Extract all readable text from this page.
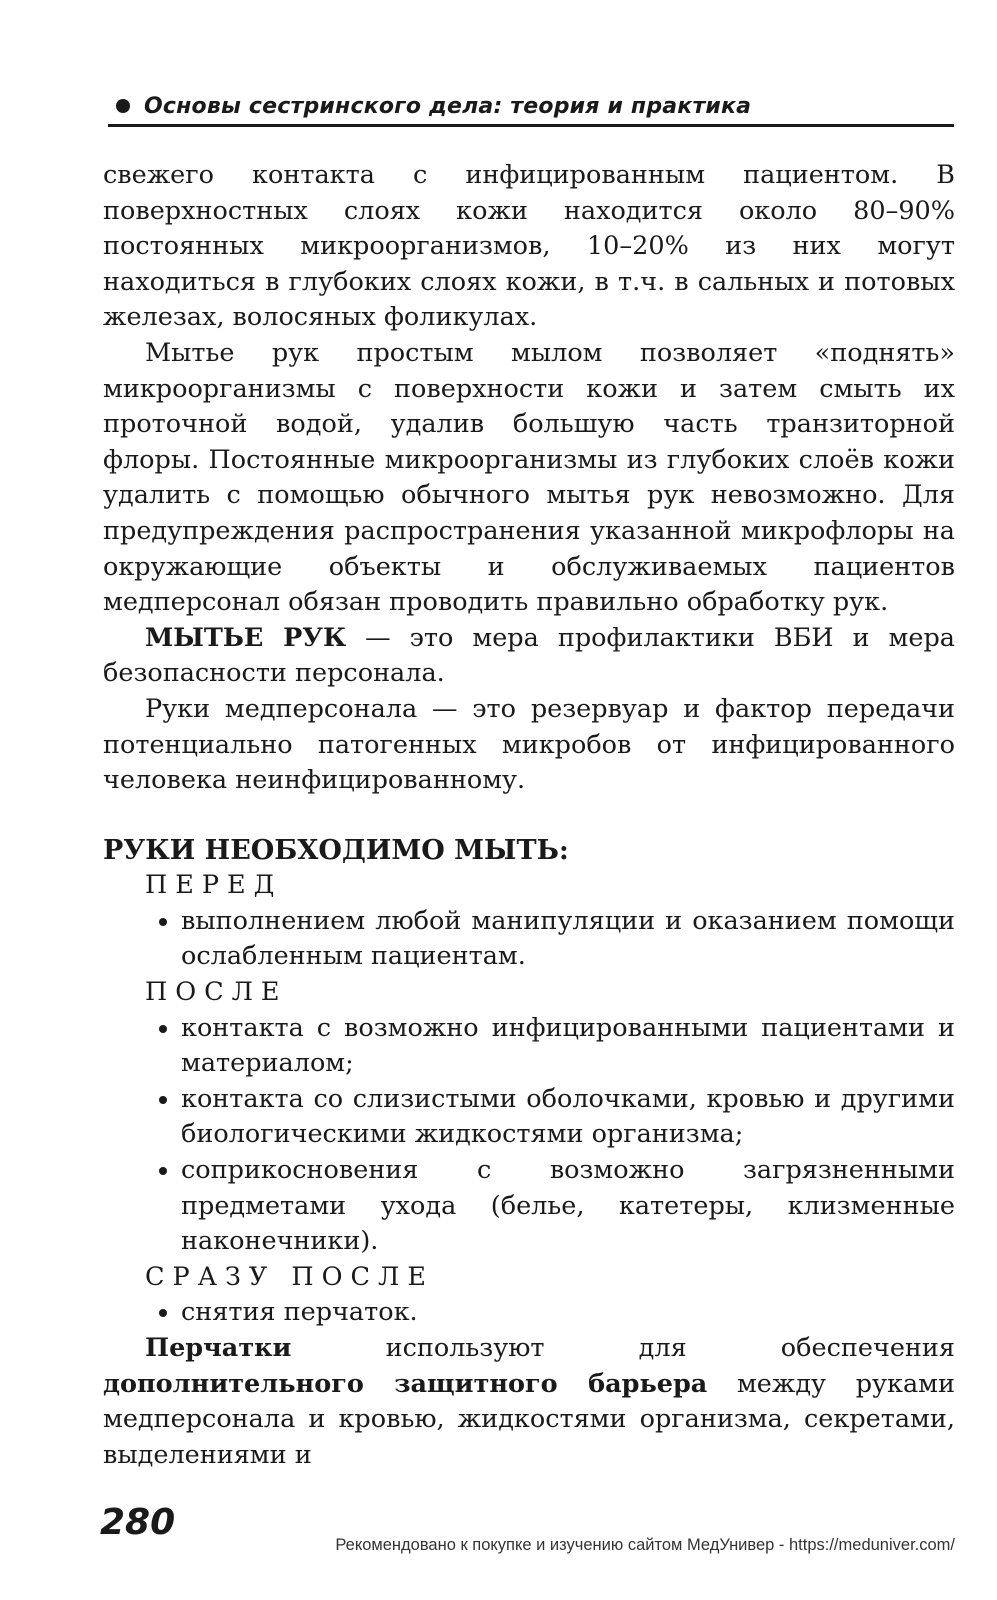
Основы сестринского дела: теория и практика

свежего контакта с инфицированным пациентом. В поверхностных слоях кожи находится около 80–90% постоянных микроорганизмов, 10–20% из них могут находиться в глубоких слоях кожи, в т.ч. в сальных и потовых железах, волосяных фоликулах.

Мытье рук простым мылом позволяет «поднять» микроорганизмы с поверхности кожи и затем смыть их проточной водой, удалив большую часть транзиторной флоры. Постоянные микроорганизмы из глубоких слоёв кожи удалить с помощью обычного мытья рук невозможно. Для предупреждения распространения указанной микрофлоры на окружающие объекты и обслуживаемых пациентов медперсонал обязан проводить правильно обработку рук.

МЫТЬЕ РУК — это мера профилактики ВБИ и мера безопасности персонала.

Руки медперсонала — это резервуар и фактор передачи потенциально патогенных микробов от инфицированного человека неинфицированному.

РУКИ НЕОБХОДИМО МЫТЬ:

ПЕРЕД
выполнением любой манипуляции и оказанием помощи ослабленным пациентам.
ПОСЛЕ
контакта с возможно инфицированными пациентами и материалом;
контакта со слизистыми оболочками, кровью и другими биологическими жидкостями организма;
соприкосновения с возможно загрязненными предметами ухода (белье, катетеры, клизменные наконечники).
СРАЗУ ПОСЛЕ
снятия перчаток.

Перчатки используют для обеспечения дополнительного защитного барьера между руками медперсонала и кровью, жидкостями организма, секретами, выделениями и

280
Рекомендовано к покупке и изучению сайтом МедУнивер - https://meduniver.com/
